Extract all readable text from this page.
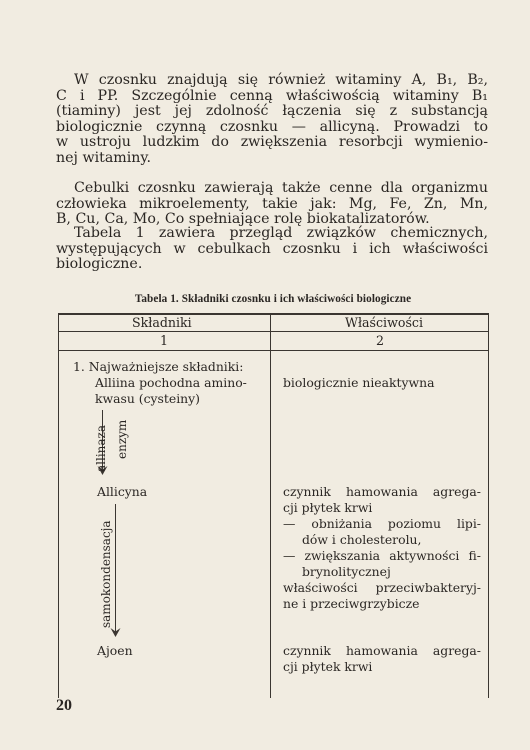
W czosnku znajdują się również witaminy A, B₁, B₂,
C i PP. Szczególnie cenną właściwością witaminy B₁
(tiaminy) jest jej zdolność łączenia się z substancją
biologicznie czynną czosnku — allicyną. Prowadzi to
w ustroju ludzkim do zwiększenia resorbcji wymienio-
nej witaminy.
Cebulki czosnku zawierają także cenne dla organizmu
człowieka mikroelementy, takie jak: Mg, Fe, Zn, Mn,
B, Cu, Ca, Mo, Co spełniające rolę biokatalizatorów.
Tabela 1 zawiera przegląd związków chemicznych,
występujących w cebulkach czosnku i ich właściwości
biologiczne.
Tabela 1. Składniki czosnku i ich właściwości biologiczne
Składniki	Właściwości
1	2
1. Najważniejsze składniki:
Alliina pochodna amino-
kwasu (cysteiny)
allinaza enzym
Allicyna
samokondensacja
Ajoen
biologicznie nieaktywna
czynnik hamowania agrega-
cji płytek krwi
— obniżania poziomu lipi-
dów i cholesterolu,
— zwiększania aktywności fi-
brynolitycznej
właściwości przeciwbakteryj-
ne i przeciwgrzybicze
czynnik hamowania agrega-
cji płytek krwi
20
